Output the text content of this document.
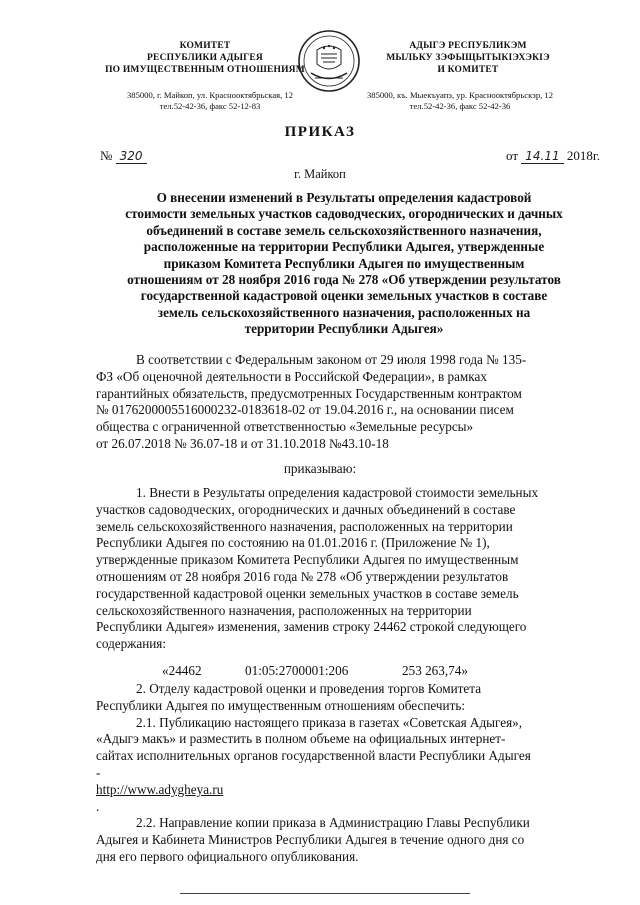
КОМИТЕТ
РЕСПУБЛИКИ АДЫГЕЯ
ПО ИМУЩЕСТВЕННЫМ ОТНОШЕНИЯМ
АДЫГЭ РЕСПУБЛИКЭМ
МЫЛЬКУ ЗЭФЫЩЫТЫКIЭХЭКIЭ
И КОМИТЕТ
385000, г. Майкоп, ул. Краснооктябрьская, 12
тел.52-42-36, факс 52-12-83
385000, къ. Мыекъуапэ, ур. Краснооктябрьскэр, 12
тел.52-42-36, факс 52-42-36
ПРИКАЗ
№ 320	от 14.11 2018г.
г. Майкоп
О внесении изменений в Результаты определения кадастровой
стоимости земельных участков садоводческих, огороднических и дачных
объединений в составе земель сельскохозяйственного назначения,
расположенные на территории Республики Адыгея, утвержденные
приказом Комитета Республики Адыгея по имущественным
отношениям от 28 ноября 2016 года № 278 «Об утверждении результатов
государственной кадастровой оценки земельных участков в составе
земель сельскохозяйственного назначения, расположенных на
территории Республики Адыгея»
В соответствии с Федеральным законом от 29 июля 1998 года № 135-
ФЗ «Об оценочной деятельности в Российской Федерации», в рамках
гарантийных обязательств, предусмотренных Государственным контрактом
№ 0176200005516000232-0183618-02 от 19.04.2016 г., на основании писем
общества с ограниченной ответственностью «Земельные ресурсы»
от 26.07.2018 № 36.07-18 и от 31.10.2018 №43.10-18
приказываю:
1. Внести в Результаты определения кадастровой стоимости земельных
участков садоводческих, огороднических и дачных объединений в составе
земель сельскохозяйственного назначения, расположенных на территории
Республики Адыгея по состоянию на 01.01.2016 г. (Приложение № 1),
утвержденные приказом Комитета Республики Адыгея по имущественным
отношениям от 28 ноября 2016 года № 278 «Об утверждении результатов
государственной кадастровой оценки земельных участков в составе земель
сельскохозяйственного назначения, расположенных на территории
Республики Адыгея» изменения, заменив строку 24462 строкой следующего
содержания:
«24462	01:05:2700001:206	253 263,74»
2. Отделу кадастровой оценки и проведения торгов Комитета
Республики Адыгея по имущественным отношениям обеспечить:
2.1. Публикацию настоящего приказа в газетах «Советская Адыгея»,
«Адыгэ макъ» и разместить в полном объеме на официальных интернет-
сайтах исполнительных органов государственной власти Республики Адыгея
-
http://www.adygheya.ru
.
2.2. Направление копии приказа в Администрацию Главы Республики
Адыгея и Кабинета Министров Республики Адыгея в течение одного дня со
дня его первого официального опубликования.
